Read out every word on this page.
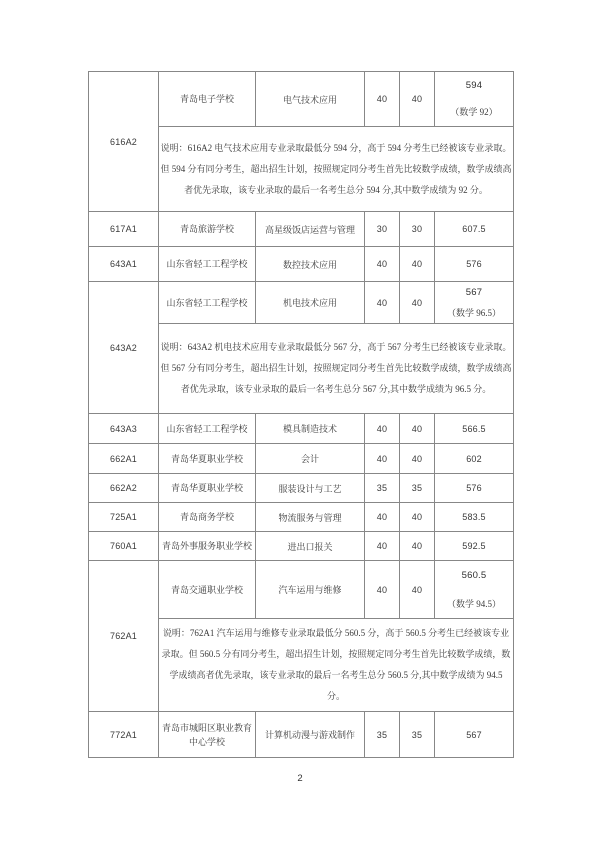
616A2	青岛电子学校	电气技术应用	40	40	594
（数学 92）

	说明：616A2 电气技术应用专业录取最低分 594 分，高于 594 分考生已经被该专业录取。但 594 分有同分考生，超出招生计划，按照规定同分考生首先比较数学成绩，数学成绩高者优先录取，该专业录取的最后一名考生总分 594 分,其中数学成绩为 92 分。				
617A1	青岛旅游学校	高星级饭店运营与管理	30	30	607.5
643A1	山东省轻工工程学校	数控技术应用	40	40	576
643A2	山东省轻工工程学校	机电技术应用	40	40	567
（数学 96.5）

	说明：643A2 机电技术应用专业录取最低分 567 分，高于 567 分考生已经被该专业录取。但 567 分有同分考生，超出招生计划，按照规定同分考生首先比较数学成绩，数学成绩高者优先录取，该专业录取的最后一名考生总分 567 分,其中数学成绩为 96.5 分。				
643A3	山东省轻工工程学校	模具制造技术	40	40	566.5
662A1	青岛华夏职业学校	会计	40	40	602
662A2	青岛华夏职业学校	服装设计与工艺	35	35	576
725A1	青岛商务学校	物流服务与管理	40	40	583.5
760A1	青岛外事服务职业学校	进出口报关	40	40	592.5
762A1	青岛交通职业学校	汽车运用与维修	40	40	560.5
（数学 94.5）

	说明：762A1 汽车运用与维修专业录取最低分 560.5 分，高于 560.5 分考生已经被该专业录取。但 560.5 分有同分考生，超出招生计划，按照规定同分考生首先比较数学成绩，数学成绩高者优先录取，该专业录取的最后一名考生总分 560.5 分,其中数学成绩为 94.5 分。				
772A1	青岛市城阳区职业教育中心学校	计算机动漫与游戏制作	35	35	567
2
